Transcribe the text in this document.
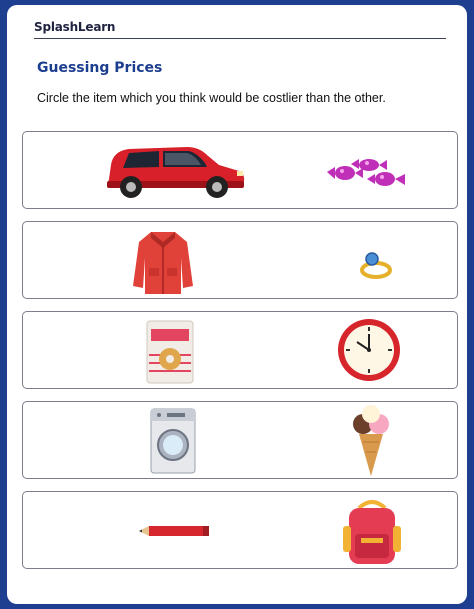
SplashLearn
Guessing Prices
Circle the item which you think would be costlier than the other.
